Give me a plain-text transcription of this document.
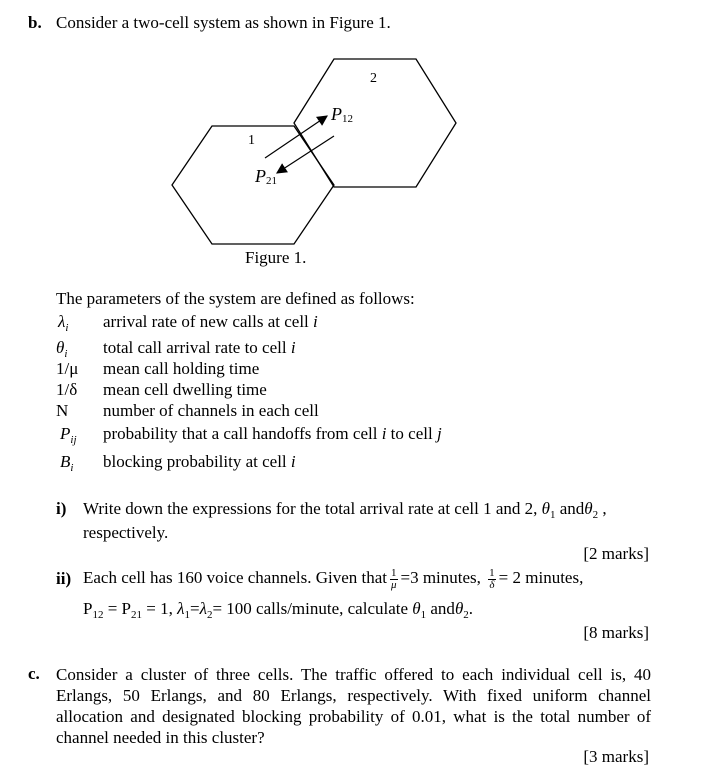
b. Consider a two-cell system as shown in Figure 1.
1
2
P12
P21
Figure 1.
The parameters of the system are defined as follows:
$\lambda_i$ arrival rate of new calls at cell i
$\theta_i$ total call arrival rate to cell i
1/μ mean call holding time
1/δ mean cell dwelling time
N number of channels in each cell
$P_{ij}$ probability that a call handoffs from cell i to cell j
$B_i$ blocking probability at cell i
i) Write down the expressions for the total arrival rate at cell 1 and 2, $\theta_1$ andθ$_2$ ,
respectively.
[2 marks]
ii) Each cell has 160 voice channels. Given that $\frac{1}{\mu} =3$ minutes, $\frac{1}{\delta} = 2$ minutes,
$P_{12} = P_{21} = 1$, $\lambda_1=\lambda_2= 100$ calls/minute, calculate $\theta_1$ andθ$_2$.
[8 marks]
c. Consider a cluster of three cells. The traffic offered to each individual cell is, 40 Erlangs, 50 Erlangs, and 80 Erlangs, respectively. With fixed uniform channel allocation and designated blocking probability of 0.01, what is the total number of channel needed in this cluster?
[3 marks]
